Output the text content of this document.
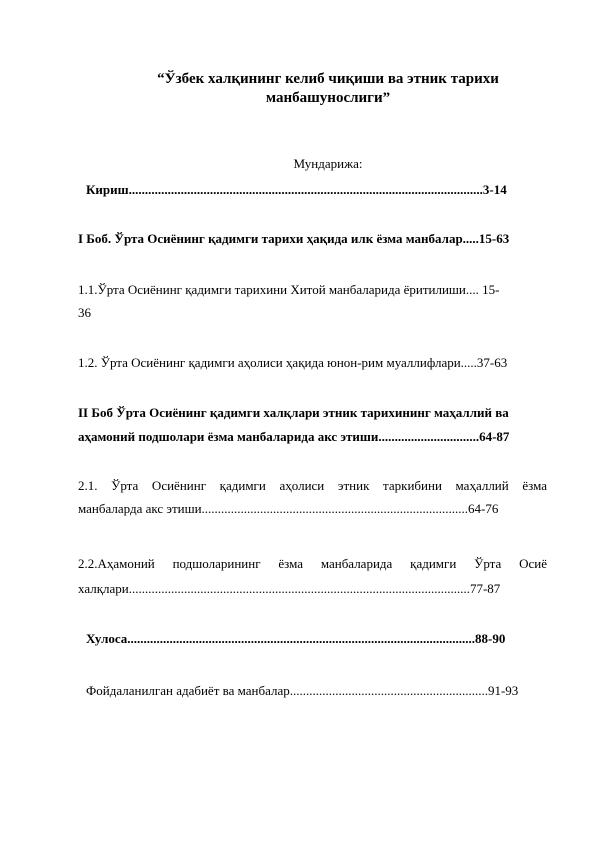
“Ўзбек халқининг келиб чиқиши ва этник тарихи
манбашунослиги”
Мундарижа:
Кириш.............................................................................................................3-14
I Боб. Ўрта Осиёнинг қадимги тарихи ҳақида илк ёзма манбалар.....15-63
1.1.Ўрта Осиёнинг қадимги тарихини Хитой манбаларида ёритилиши.... 15-
36
1.2. Ўрта Осиёнинг қадимги аҳолиси ҳақида юнон-рим муаллифлари.....37-63
II Боб Ўрта Осиёнинг қадимги халқлари этник тарихининг маҳаллий ва
аҳамоний подшолари ёзма манбаларида акс этиши...............................64-87
2.1. Ўрта Осиёнинг қадимги аҳолиси этник таркибини маҳаллий ёзма
манбаларда акс этиши..................................................................................64-76
2.2.Аҳамоний подшоларининг ёзма манбаларида қадимги Ўрта Осиё
халқлари.........................................................................................................77-87
Хулоса...........................................................................................................88-90
Фойдаланилган адабиёт ва манбалар.............................................................91-93
